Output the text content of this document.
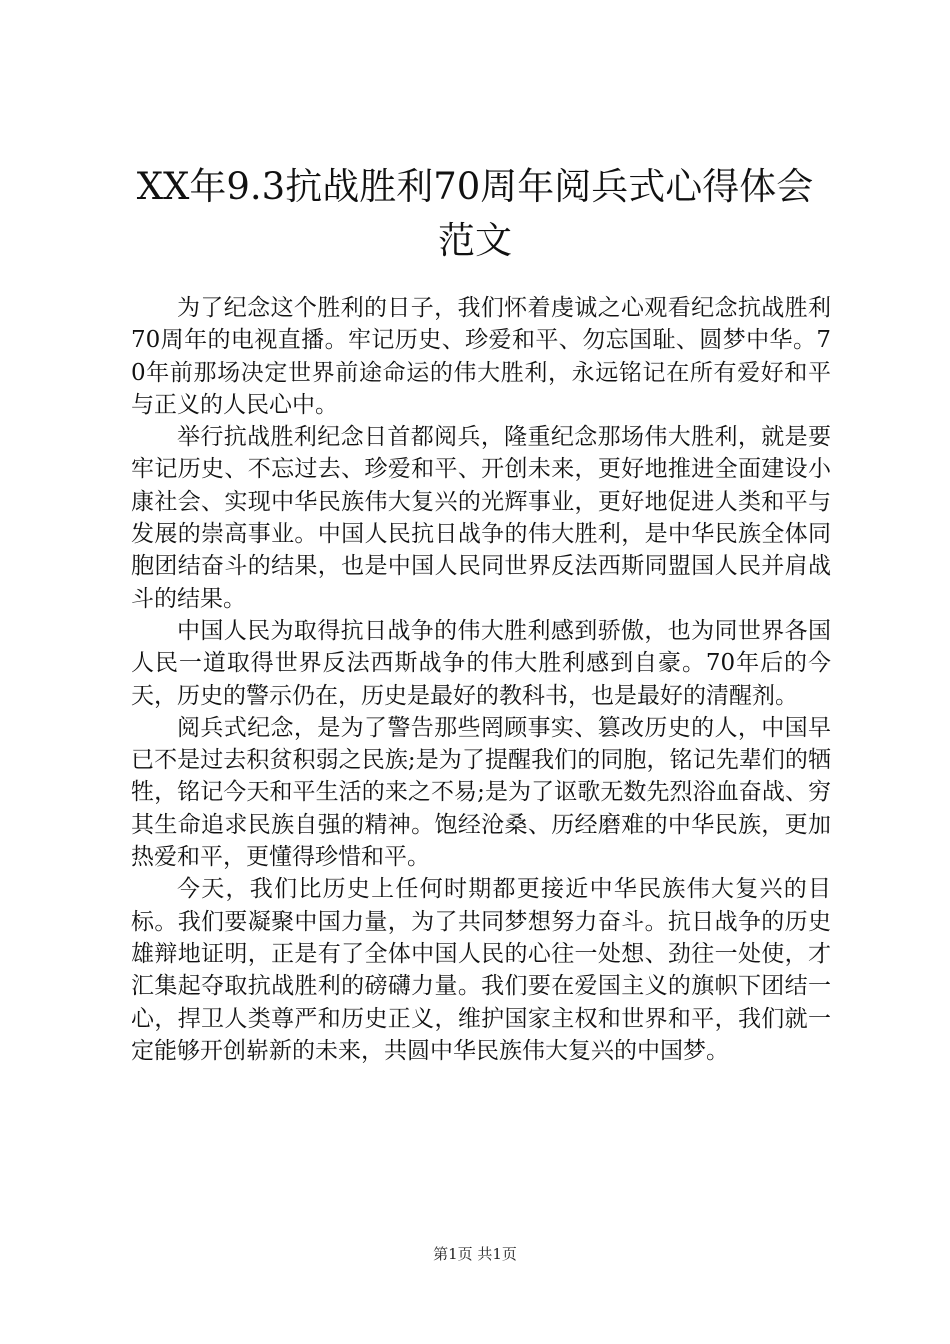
XX年9.3抗战胜利70周年阅兵式心得体会范文

为了纪念这个胜利的日子，我们怀着虔诚之心观看纪念抗战胜利70周年的电视直播。牢记历史、珍爱和平、勿忘国耻、圆梦中华。70年前那场决定世界前途命运的伟大胜利，永远铭记在所有爱好和平与正义的人民心中。

举行抗战胜利纪念日首都阅兵，隆重纪念那场伟大胜利，就是要牢记历史、不忘过去、珍爱和平、开创未来，更好地推进全面建设小康社会、实现中华民族伟大复兴的光辉事业，更好地促进人类和平与发展的崇高事业。中国人民抗日战争的伟大胜利，是中华民族全体同胞团结奋斗的结果，也是中国人民同世界反法西斯同盟国人民并肩战斗的结果。

中国人民为取得抗日战争的伟大胜利感到骄傲，也为同世界各国人民一道取得世界反法西斯战争的伟大胜利感到自豪。70年后的今天，历史的警示仍在，历史是最好的教科书，也是最好的清醒剂。

阅兵式纪念，是为了警告那些罔顾事实、篡改历史的人，中国早已不是过去积贫积弱之民族;是为了提醒我们的同胞，铭记先辈们的牺牲，铭记今天和平生活的来之不易;是为了讴歌无数先烈浴血奋战、穷其生命追求民族自强的精神。饱经沧桑、历经磨难的中华民族，更加热爱和平，更懂得珍惜和平。

今天，我们比历史上任何时期都更接近中华民族伟大复兴的目标。我们要凝聚中国力量，为了共同梦想努力奋斗。抗日战争的历史雄辩地证明，正是有了全体中国人民的心往一处想、劲往一处使，才汇集起夺取抗战胜利的磅礴力量。我们要在爱国主义的旗帜下团结一心，捍卫人类尊严和历史正义，维护国家主权和世界和平，我们就一定能够开创崭新的未来，共圆中华民族伟大复兴的中国梦。

第1页 共1页
